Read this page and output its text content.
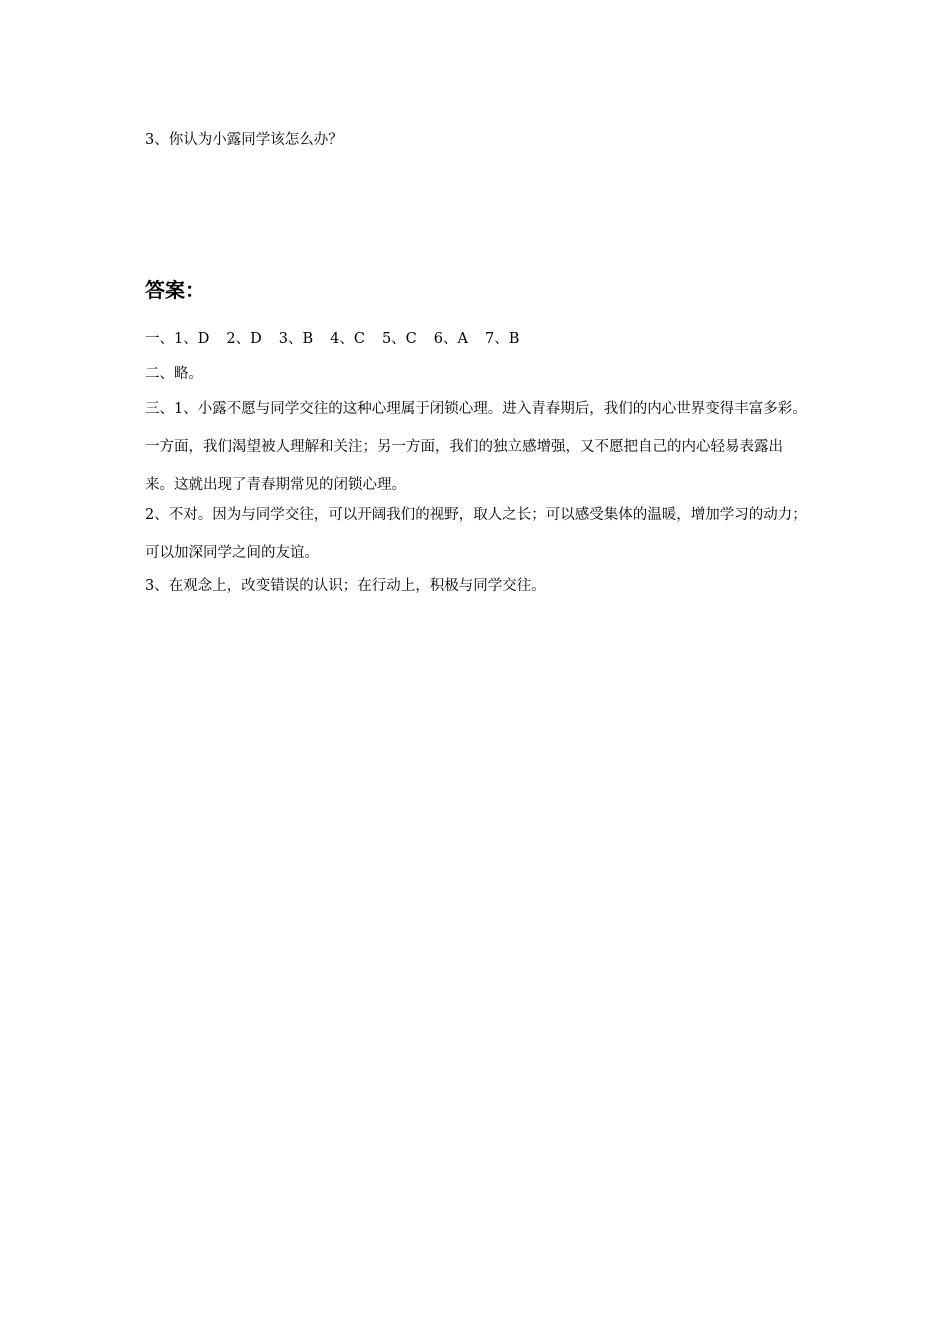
3、你认为小露同学该怎么办？

答案：

一、1、D 2、D 3、B 4、C 5、C 6、A 7、B

二、略。

三、1、小露不愿与同学交往的这种心理属于闭锁心理。进入青春期后，我们的内心世界变得丰富多彩。一方面，我们渴望被人理解和关注；另一方面，我们的独立感增强，又不愿把自己的内心轻易表露出来。这就出现了青春期常见的闭锁心理。

2、不对。因为与同学交往，可以开阔我们的视野，取人之长；可以感受集体的温暖，增加学习的动力；可以加深同学之间的友谊。

3、在观念上，改变错误的认识；在行动上，积极与同学交往。
